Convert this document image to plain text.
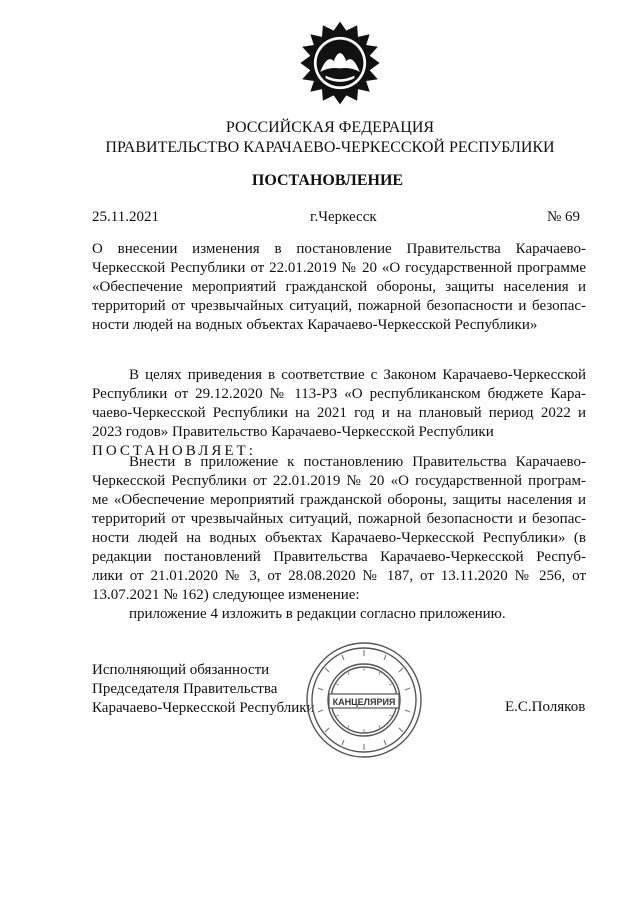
РОССИЙСКАЯ ФЕДЕРАЦИЯ
ПРАВИТЕЛЬСТВО КАРАЧАЕВО-ЧЕРКЕССКОЙ РЕСПУБЛИКИ
ПОСТАНОВЛЕНИЕ
25.11.2021	г.Черкесск	№ 69
О внесении изменения в постановление Правительства Карачаево-
Черкесской Республики от 22.01.2019 № 20 «О государственной программе
«Обеспечение мероприятий гражданской обороны, защиты населения и
территорий от чрезвычайных ситуаций, пожарной безопасности и безопас-
ности людей на водных объектах Карачаево-Черкесской Республики»
В целях приведения в соответствие с Законом Карачаево-Черкесской
Республики от 29.12.2020 № 113-РЗ «О республиканском бюджете Кара-
чаево-Черкесской Республики на 2021 год и на плановый период 2022 и
2023 годов» Правительство Карачаево-Черкесской Республики
ПОСТАНОВЛЯЕТ:
Внести в приложение к постановлению Правительства Карачаево-
Черкесской Республики от 22.01.2019 № 20 «О государственной програм-
ме «Обеспечение мероприятий гражданской обороны, защиты населения и
территорий от чрезвычайных ситуаций, пожарной безопасности и безопас-
ности людей на водных объектах Карачаево-Черкесской Республики» (в
редакции постановлений Правительства Карачаево-Черкесской Респуб-
лики от 21.01.2020 № 3, от 28.08.2020 № 187, от 13.11.2020 № 256, от
13.07.2021 № 162) следующее изменение:
приложение 4 изложить в редакции согласно приложению.
Исполняющий обязанности
Председателя Правительства
Карачаево-Черкесской Республики КАНЦЕЛЯРИЯ	Е.С.Поляков
